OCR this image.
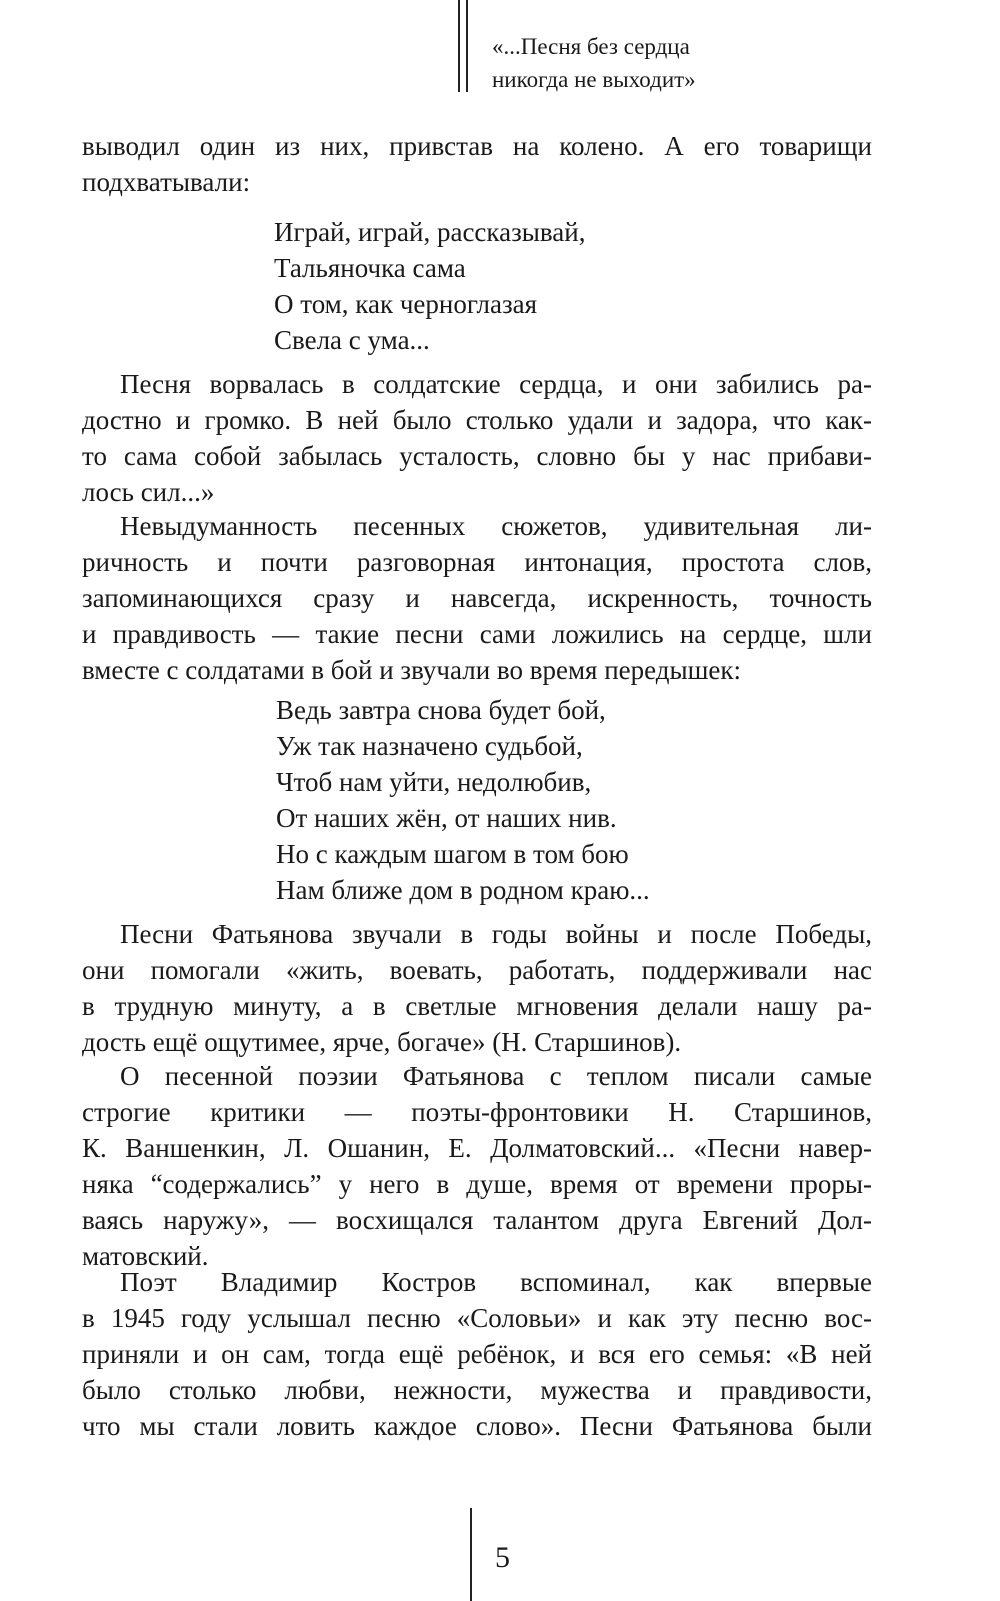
«...Песня без сердца
никогда не выходит»
выводил один из них, привстав на колено. А его товарищи
подхватывали:
Играй, играй, рассказывай,
Тальяночка сама
О том, как черноглазая
Свела с ума...
Песня ворвалась в солдатские сердца, и они забились ра-
достно и громко. В ней было столько удали и задора, что как-
то сама собой забылась усталость, словно бы у нас прибави-
лось сил...»
Невыдуманность песенных сюжетов, удивительная ли-
ричность и почти разговорная интонация, простота слов,
запоминающихся сразу и навсегда, искренность, точность
и правдивость — такие песни сами ложились на сердце, шли
вместе с солдатами в бой и звучали во время передышек:
Ведь завтра снова будет бой,
Уж так назначено судьбой,
Чтоб нам уйти, недолюбив,
От наших жён, от наших нив.
Но с каждым шагом в том бою
Нам ближе дом в родном краю...
Песни Фатьянова звучали в годы войны и после Победы,
они помогали «жить, воевать, работать, поддерживали нас
в трудную минуту, а в светлые мгновения делали нашу ра-
дость ещё ощутимее, ярче, богаче» (Н. Старшинов).
О песенной поэзии Фатьянова с теплом писали самые
строгие критики — поэты-фронтовики Н. Старшинов,
К. Ваншенкин, Л. Ошанин, Е. Долматовский... «Песни навер-
няка “содержались” у него в душе, время от времени проры-
ваясь наружу», — восхищался талантом друга Евгений Дол-
матовский.
Поэт Владимир Костров вспоминал, как впервые
в 1945 году услышал песню «Соловьи» и как эту песню вос-
приняли и он сам, тогда ещё ребёнок, и вся его семья: «В ней
было столько любви, нежности, мужества и правдивости,
что мы стали ловить каждое слово». Песни Фатьянова были
5
